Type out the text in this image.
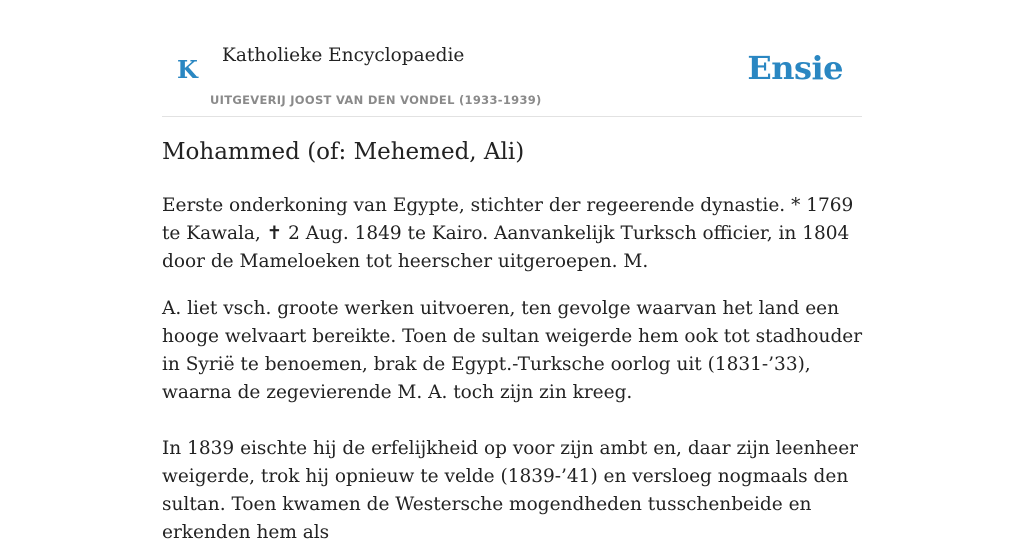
K Katholieke Encyclopaedie
UITGEVERIJ JOOST VAN DEN VONDEL (1933-1939)
Ensie
Mohammed (of: Mehemed, Ali)

Eerste onderkoning van Egypte, stichter der regeerende dynastie. * 1769 te Kawala, ✝ 2 Aug. 1849 te Kairo. Aanvankelijk Turksch officier, in 1804 door de Mameloeken tot heerscher uitgeroepen. M.

A. liet vsch. groote werken uitvoeren, ten gevolge waarvan het land een hooge welvaart bereikte. Toen de sultan weigerde hem ook tot stadhouder in Syrië te benoemen, brak de Egypt.-Turksche oorlog uit (1831-’33), waarna de zegevierende M. A. toch zijn zin kreeg.

In 1839 eischte hij de erfelijkheid op voor zijn ambt en, daar zijn leenheer weigerde, trok hij opnieuw te velde (1839-’41) en versloeg nogmaals den sultan. Toen kwamen de Westersche mogendheden tusschenbeide en erkenden hem als
